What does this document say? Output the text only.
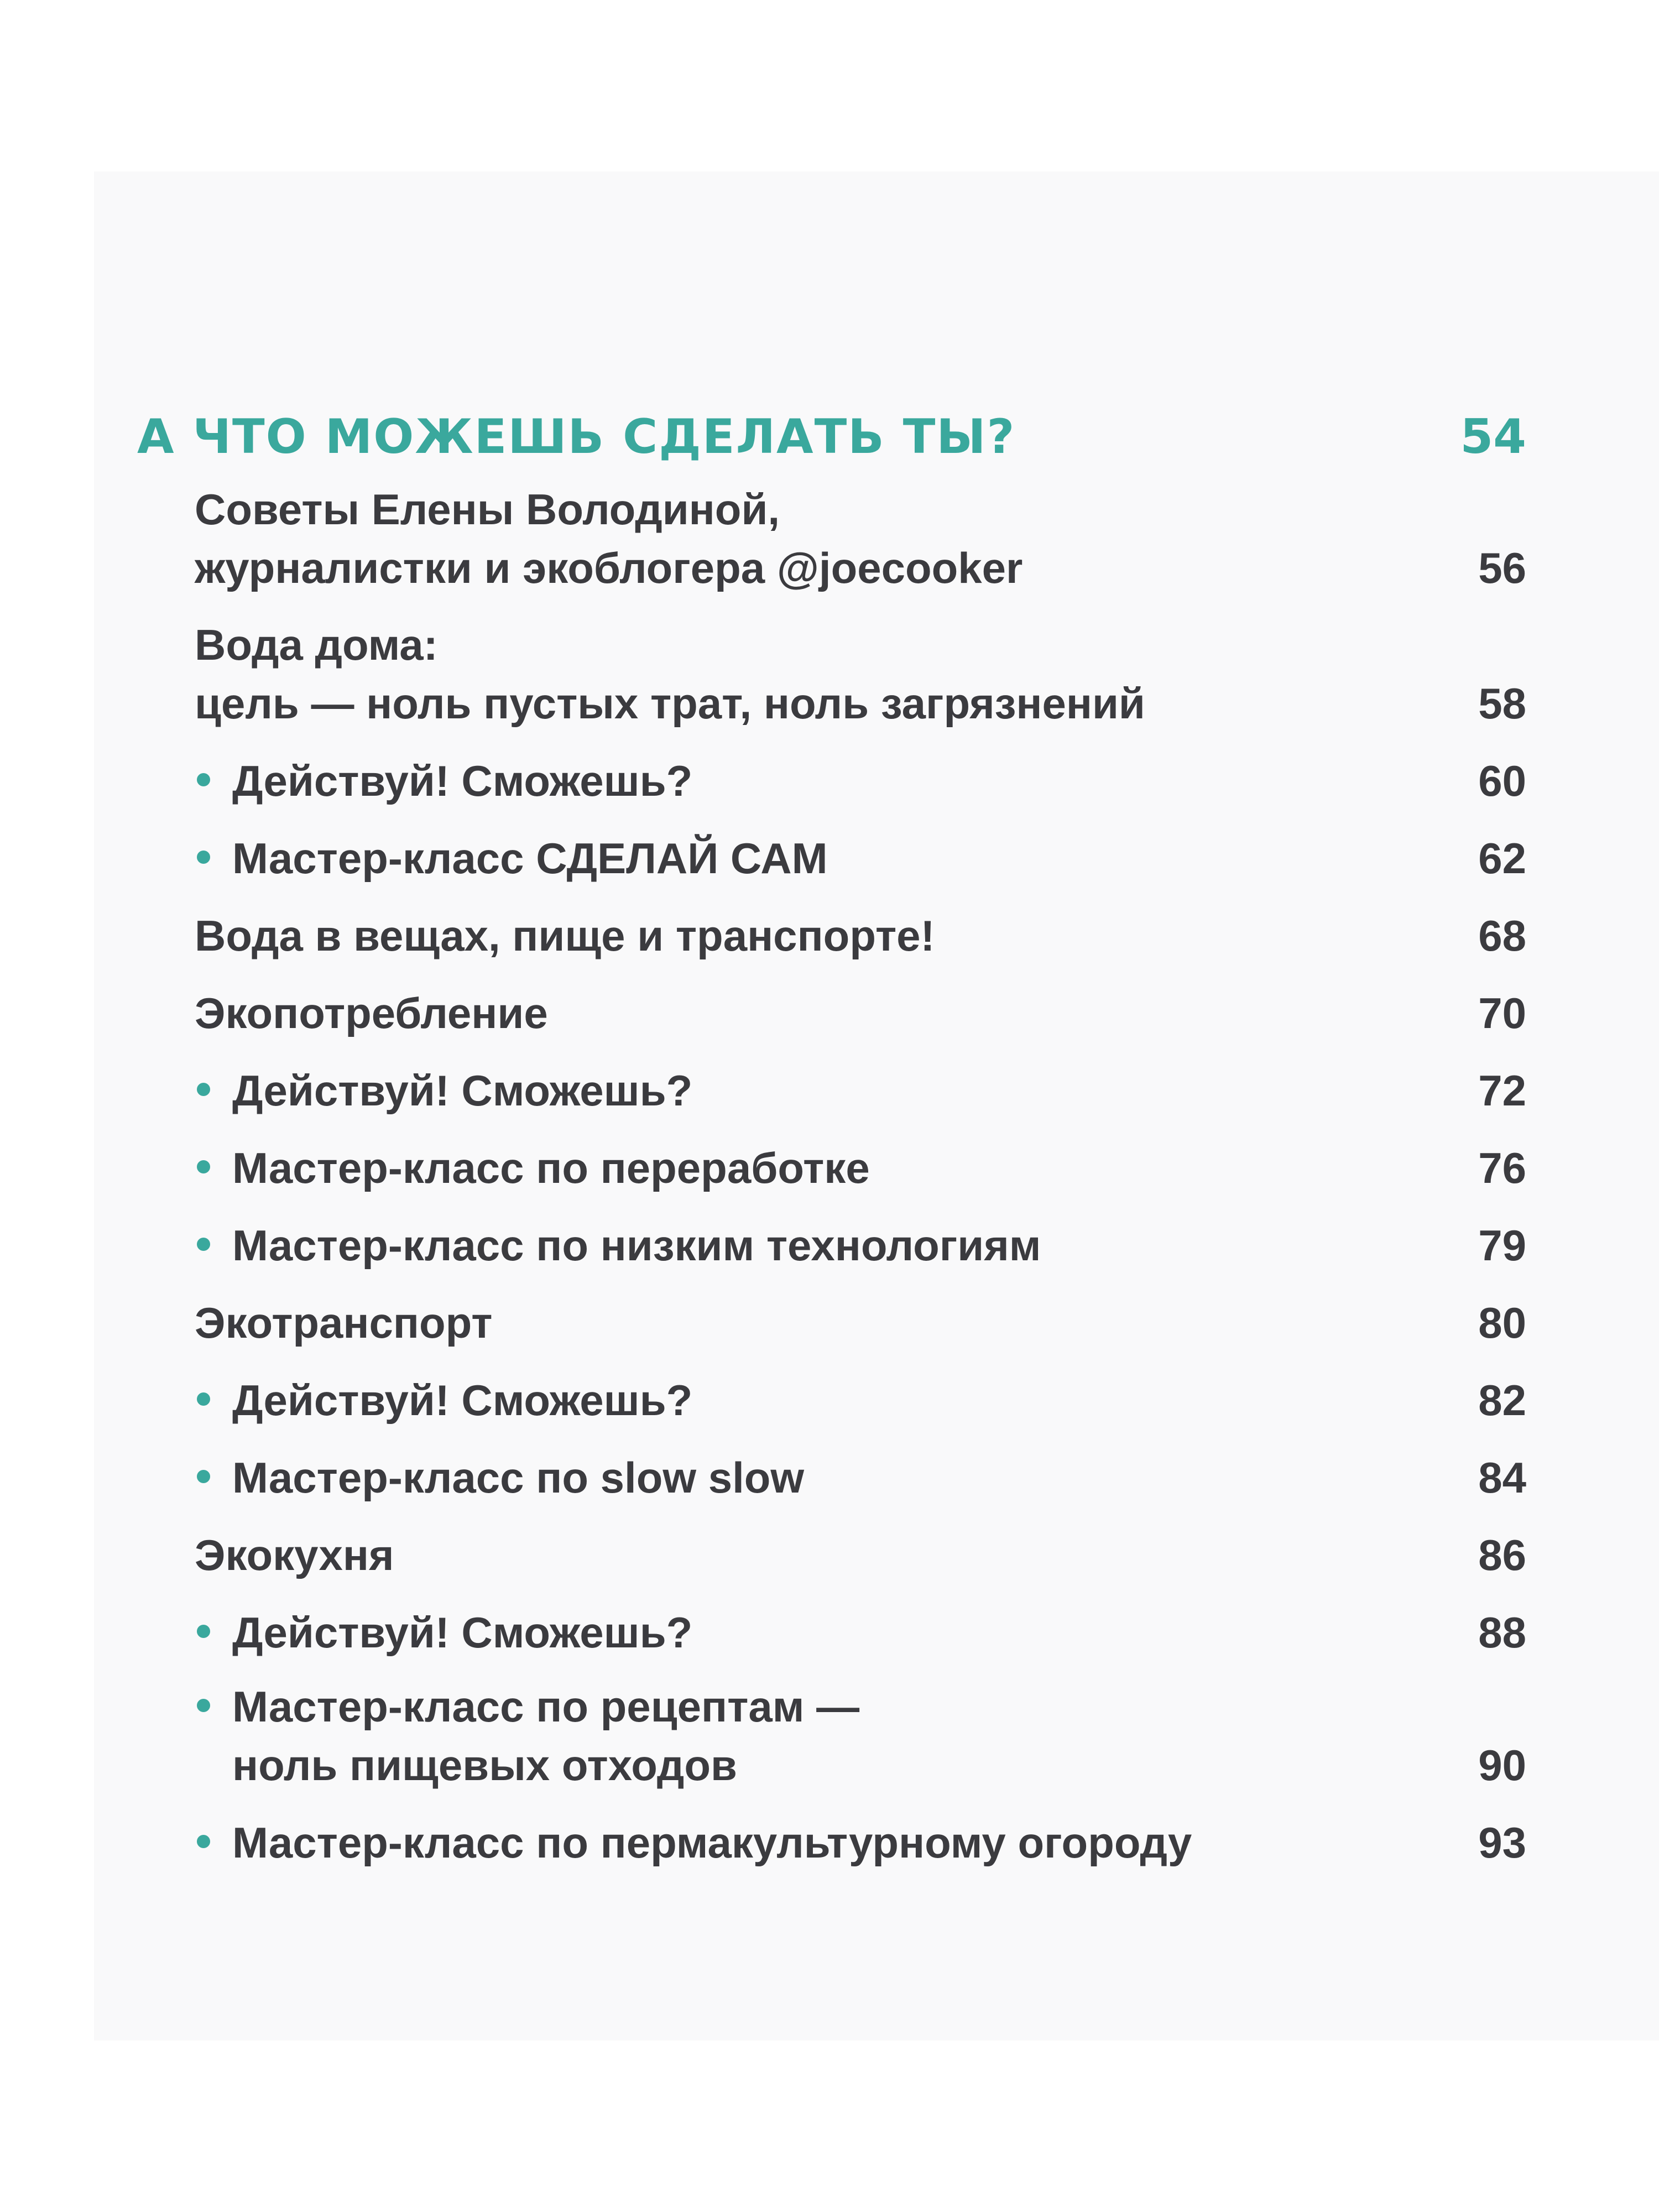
А ЧТО МОЖЕШЬ СДЕЛАТЬ ТЫ?	54
Советы Елены Володиной,
журналистки и экоблогера @joecooker	56
Вода дома:
цель — ноль пустых трат, ноль загрязнений	58
Действуй! Сможешь?	60
Мастер-класс СДЕЛАЙ САМ	62
Вода в вещах, пище и транспорте!	68
Экопотребление	70
Действуй! Сможешь?	72
Мастер-класс по переработке	76
Мастер-класс по низким технологиям	79
Экотранспорт	80
Действуй! Сможешь?	82
Мастер-класс по slow slow	84
Экокухня	86
Действуй! Сможешь?	88
Мастер-класс по рецептам —
ноль пищевых отходов	90
Мастер-класс по пермакультурному огороду	93
